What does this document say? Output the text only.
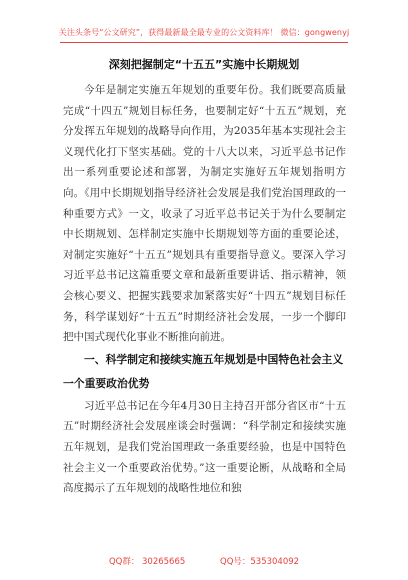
关注头条号“公文研究”，获得最新最全最专业的公文资料库！ 微信：gongwenyj
深刻把握制定“十五五”实施中长期规划

今年是制定实施五年规划的重要年份。我们既要高质量完成“十四五”规划目标任务，也要制定好“十五五”规划，充分发挥五年规划的战略导向作用，为2035年基本实现社会主义现代化打下坚实基础。党的十八大以来，习近平总书记作出一系列重要论述和部署，为制定实施好五年规划指明方向。《用中长期规划指导经济社会发展是我们党治国理政的一种重要方式》一文，收录了习近平总书记关于为什么要制定中长期规划、怎样制定实施中长期规划等方面的重要论述，对制定实施好“十五五”规划具有重要指导意义。要深入学习习近平总书记这篇重要文章和最新重要讲话、指示精神，领会核心要义、把握实践要求加紧落实好“十四五”规划目标任务，科学谋划好“十五五”时期经济社会发展，一步一个脚印把中国式现代化事业不断推向前进。

一、科学制定和接续实施五年规划是中国特色社会主义一个重要政治优势

习近平总书记在今年4月30日主持召开部分省区市“十五五”时期经济社会发展座谈会时强调：“科学制定和接续实施五年规划，是我们党治国理政一条重要经验，也是中国特色社会主义一个重要政治优势。”这一重要论断，从战略和全局高度揭示了五年规划的战略性地位和独

QQ群： 30265665	QQ号：535304092
